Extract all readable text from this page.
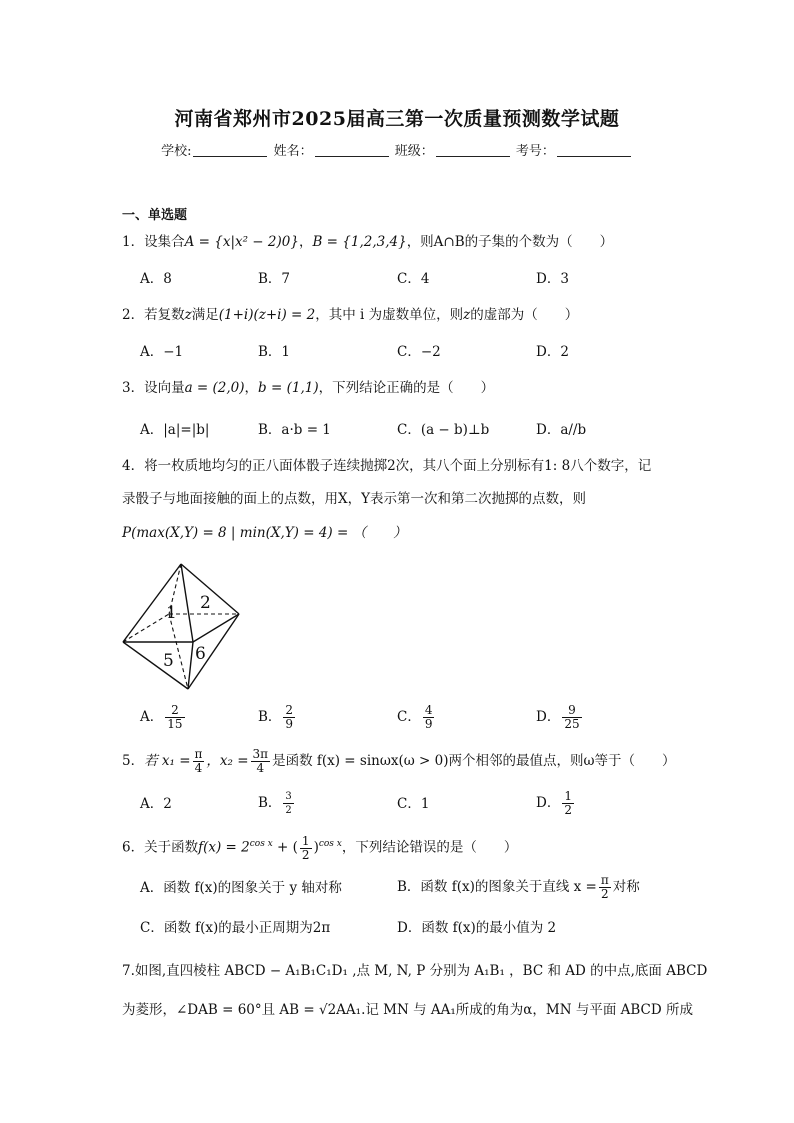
河南省郑州市2025届高三第一次质量预测数学试题
学校:	姓名：	班级：	考号：
一、单选题
1．设集合A = {x|x² − 2)0}，B = {1,2,3,4}，则A∩B的子集的个数为（　　）
A．8	B．7	C．4	D．3
2．若复数z满足(1+i)(z+i) = 2，其中 i 为虚数单位，则z的虚部为（　　）
A．−1	B．1	C．−2	D．2
3．设向量a = (2,0)，b = (1,1)，下列结论正确的是（　　）
A．|a|=|b|	B．a·b = 1	C．(a − b)⊥b	D．a//b
4．将一枚质地均匀的正八面体骰子连续抛掷2次，其八个面上分别标有1: 8八个数字，记
录骰子与地面接触的面上的点数，用X，Y表示第一次和第二次抛掷的点数，则
P(max(X,Y) = 8 | min(X,Y) = 4) = （　　）
1 2
5 6
A． $\frac{2}{15}$	B． $\frac{2}{9}$	C． $\frac{4}{9}$	D． $\frac{9}{25}$
5．若 $x_1 = \frac{\pi}{4}$ ，$x_2 = \frac{3\pi}{4}$ 是函数 f(x) = sinωx(ω > 0)两个相邻的最值点，则ω等于（　　）
A．2	B． $\frac{3}{2}$	C．1	D． $\frac{1}{2}$
6．关于函数$f(x) = 2^{cos x}$ + ( $\frac{1}{2} )^{cos x}$，下列结论错误的是（　　）
A．函数 f(x)的图象关于 y 轴对称	B．函数 f(x)的图象关于直线 $x = \frac{\pi}{2}$ 对称
C．函数 f(x)的最小正周期为2π	D．函数 f(x)的最小值为 2
7.如图,直四棱柱 ABCD − A₁B₁C₁D₁ ,点 M, N, P 分别为 A₁B₁ ，BC 和 AD 的中点,底面 ABCD
为菱形，∠DAB = 60°且 AB = √2AA₁.记 MN 与 AA₁所成的角为α，MN 与平面 ABCD 所成
